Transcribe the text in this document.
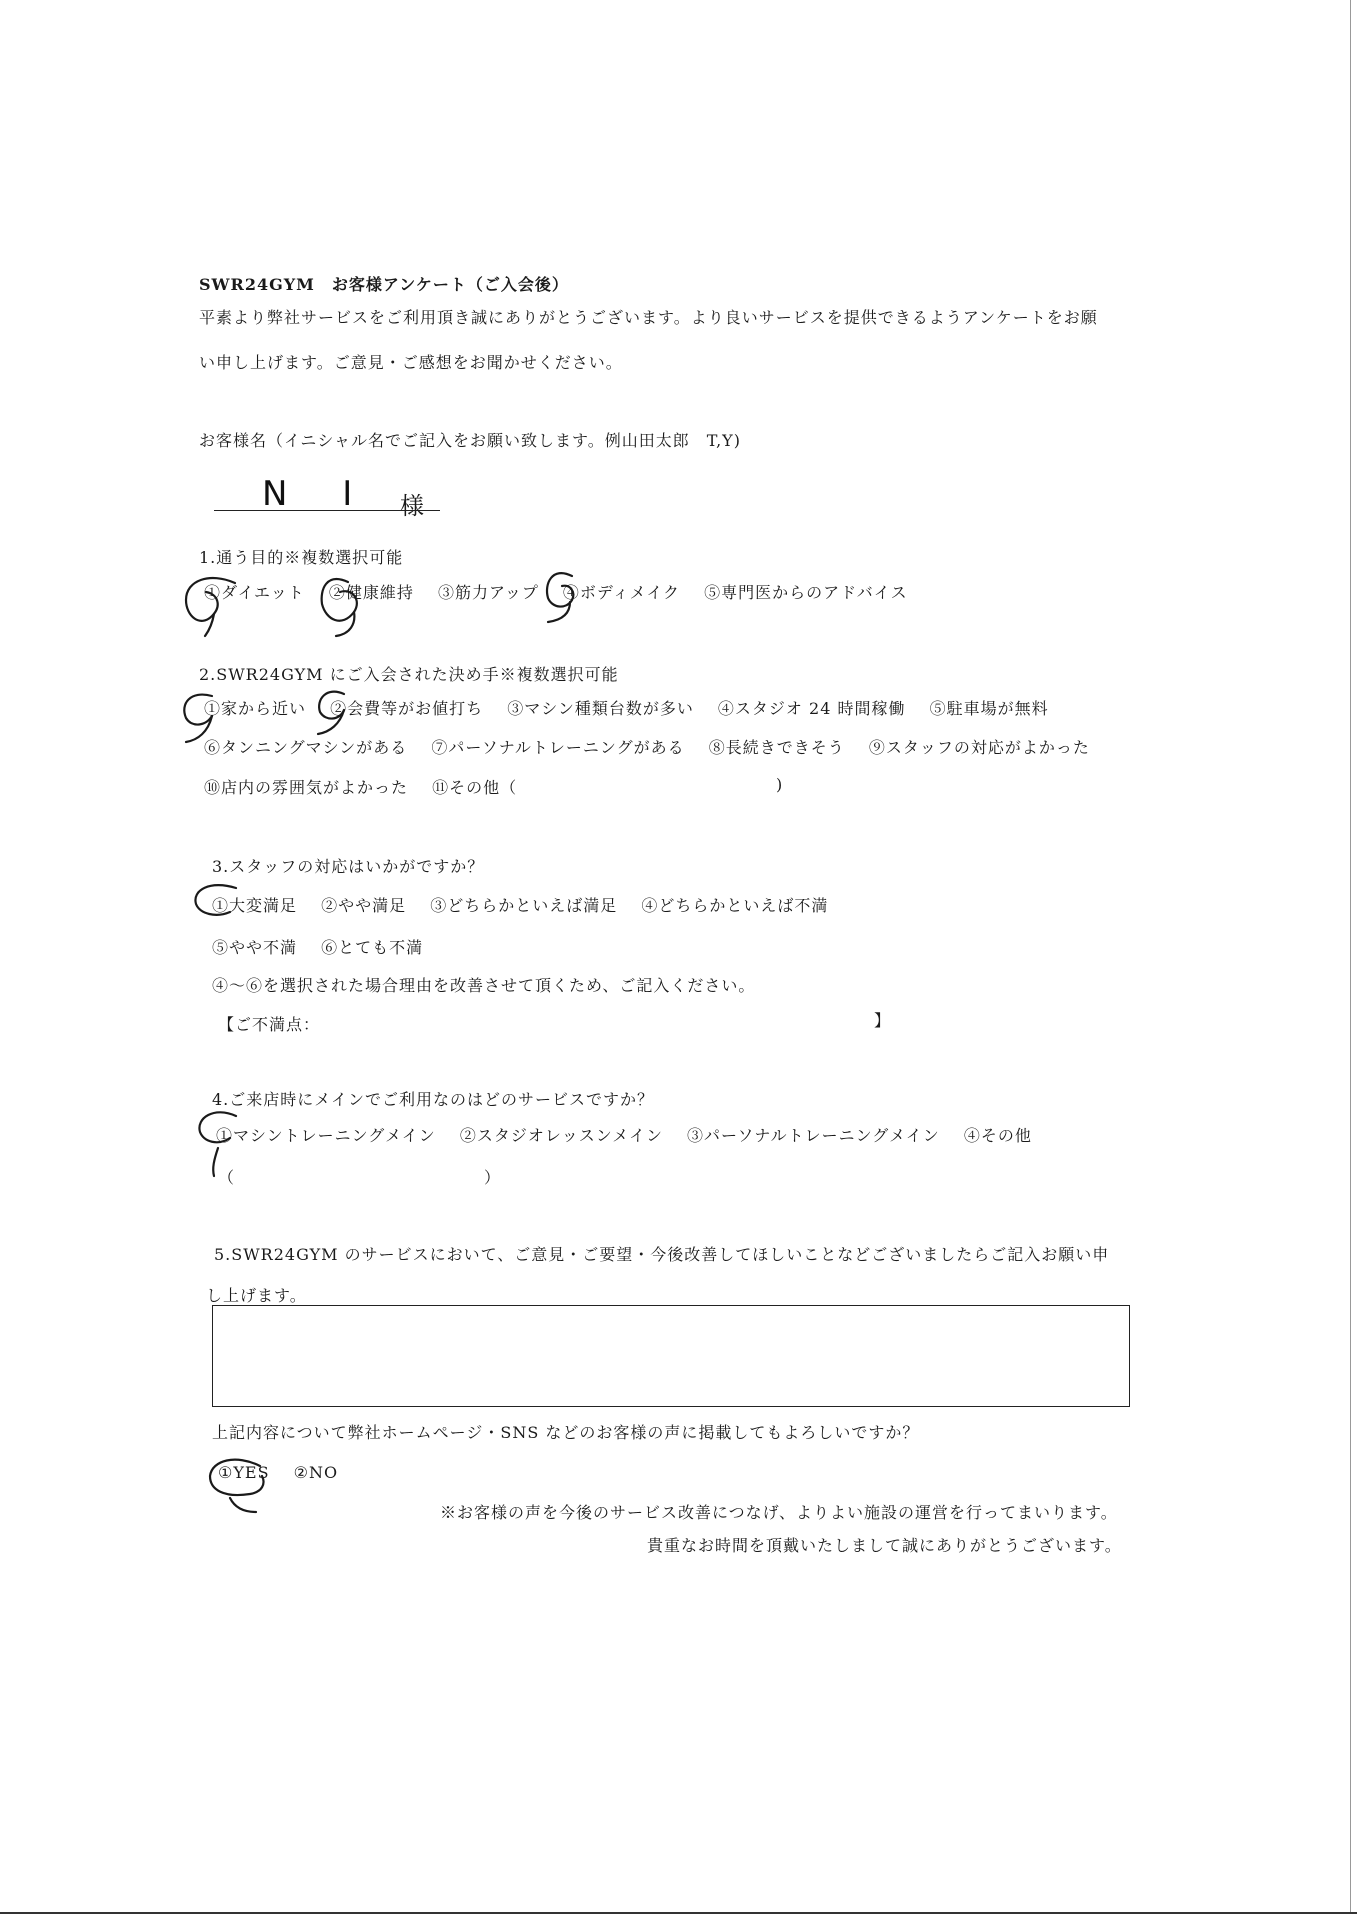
SWR24GYM　お客様アンケート（ご入会後）
平素より弊社サービスをご利用頂き誠にありがとうございます。より良いサービスを提供できるようアンケートをお願
い申し上げます。ご意見・ご感想をお聞かせください。
お客様名（イニシャル名でご記入をお願い致します。例山田太郎　T,Y)
N I 様
1.通う目的※複数選択可能
①ダイエット ②健康維持 ③筋力アップ ④ボディメイク ⑤専門医からのアドバイス
2.SWR24GYM にご入会された決め手※複数選択可能
①家から近い ②会費等がお値打ち ③マシン種類台数が多い ④スタジオ 24 時間稼働 ⑤駐車場が無料
⑥タンニングマシンがある ⑦パーソナルトレーニングがある ⑧長続きできそう ⑨スタッフの対応がよかった
⑩店内の雰囲気がよかった ⑪その他（	)
3.スタッフの対応はいかがですか？
①大変満足 ②やや満足 ③どちらかといえば満足 ④どちらかといえば不満
⑤やや不満 ⑥とても不満
④～⑥を選択された場合理由を改善させて頂くため、ご記入ください。
【ご不満点：	】
4.ご来店時にメインでご利用なのはどのサービスですか？
①マシントレーニングメイン ②スタジオレッスンメイン ③パーソナルトレーニングメイン ④その他
（	）
5.SWR24GYM のサービスにおいて、ご意見・ご要望・今後改善してほしいことなどございましたらご記入お願い申
し上げます。
上記内容について弊社ホームページ・SNS などのお客様の声に掲載してもよろしいですか？
①YES ②NO
※お客様の声を今後のサービス改善につなげ、よりよい施設の運営を行ってまいります。
貴重なお時間を頂戴いたしまして誠にありがとうございます。
